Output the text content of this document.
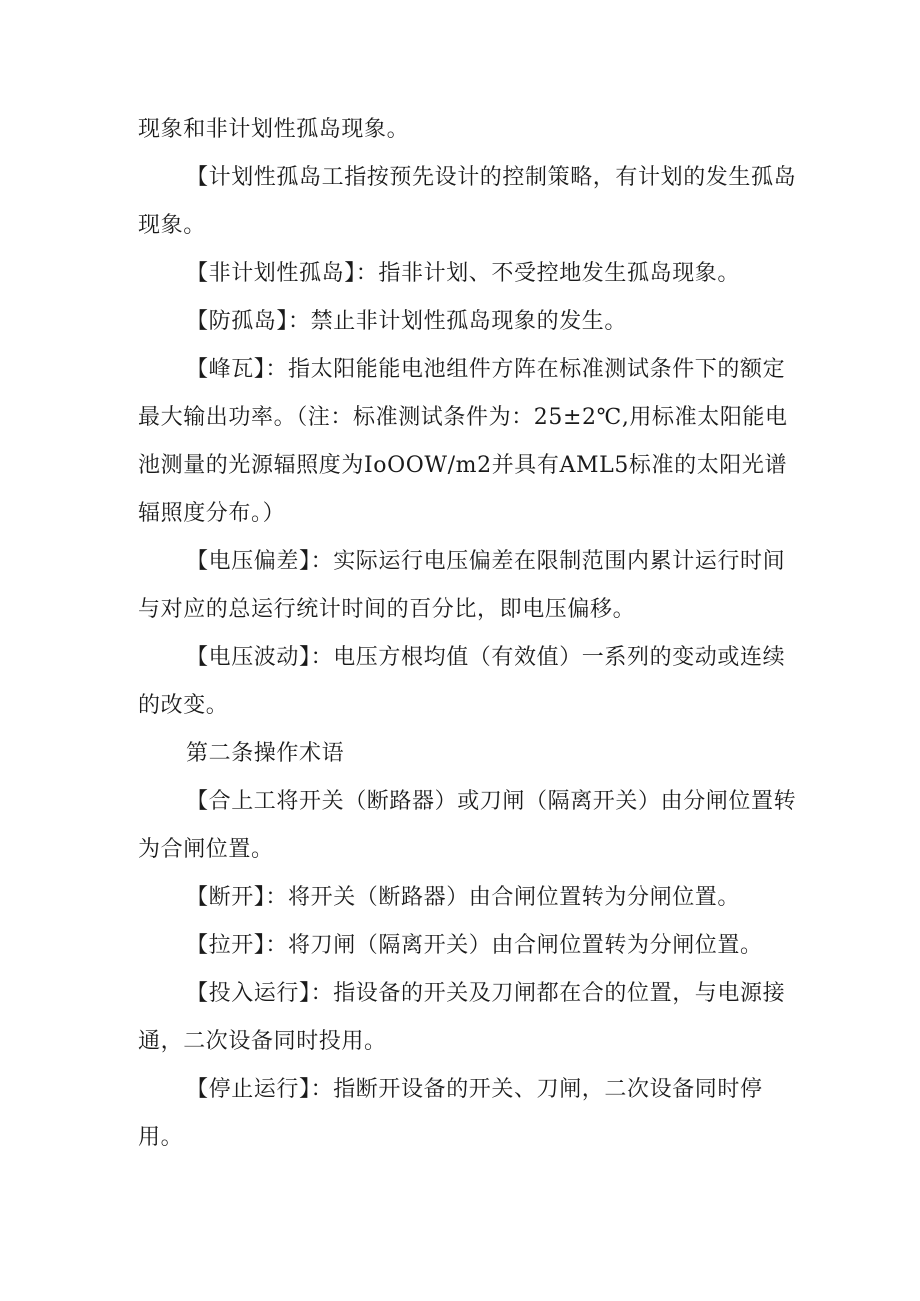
现象和非计划性孤岛现象。

【计划性孤岛工指按预先设计的控制策略，有计划的发生孤岛现象。

【非计划性孤岛】：指非计划、不受控地发生孤岛现象。

【防孤岛】：禁止非计划性孤岛现象的发生。

【峰瓦】：指太阳能能电池组件方阵在标准测试条件下的额定最大输出功率。（注：标准测试条件为：25±2℃,用标准太阳能电池测量的光源辐照度为IoOOW/m2并具有AML5标准的太阳光谱辐照度分布。）

【电压偏差】：实际运行电压偏差在限制范围内累计运行时间与对应的总运行统计时间的百分比，即电压偏移。

【电压波动】：电压方根均值（有效值）一系列的变动或连续的改变。

第二条操作术语

【合上工将开关（断路器）或刀闸（隔离开关）由分闸位置转为合闸位置。

【断开】：将开关（断路器）由合闸位置转为分闸位置。

【拉开】：将刀闸（隔离开关）由合闸位置转为分闸位置。

【投入运行】：指设备的开关及刀闸都在合的位置，与电源接通，二次设备同时投用。

【停止运行】：指断开设备的开关、刀闸，二次设备同时停用。
